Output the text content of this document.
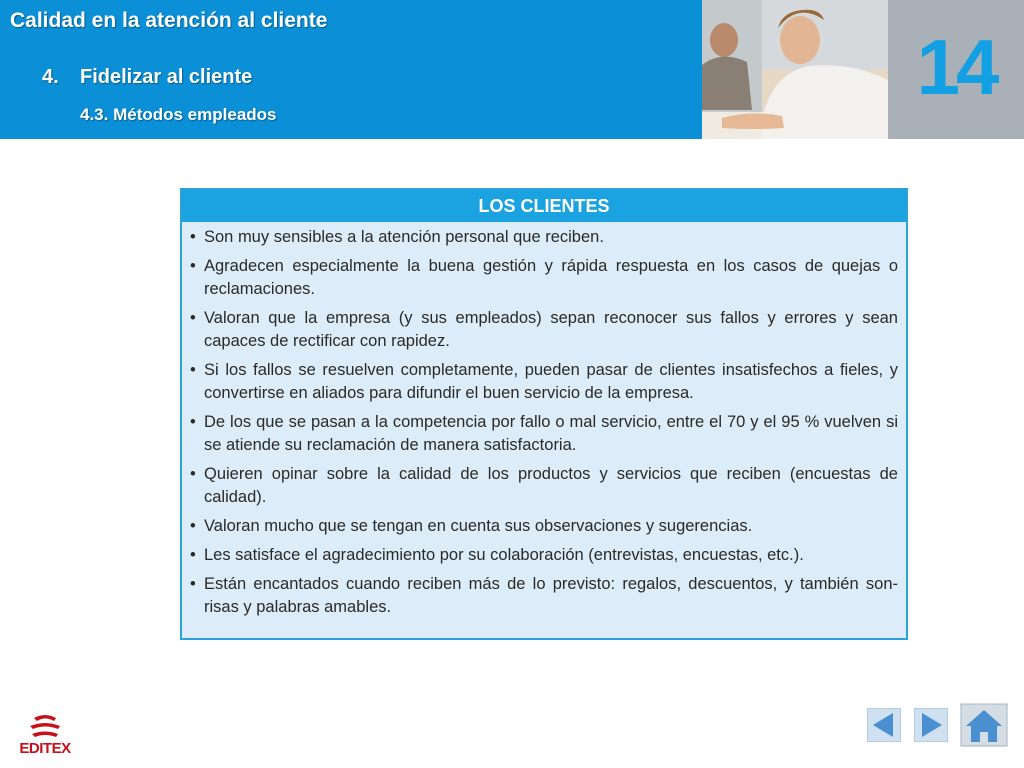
Calidad en la atención al cliente
4. Fidelizar al cliente
4.3. Métodos empleados
14
LOS CLIENTES
• Son muy sensibles a la atención personal que reciben.
• Agradecen especialmente la buena gestión y rápida respuesta en los casos de quejas o reclamaciones.
• Valoran que la empresa (y sus empleados) sepan reconocer sus fallos y errores y sean capaces de rectificar con rapidez.
• Si los fallos se resuelven completamente, pueden pasar de clientes insatisfechos a fieles, y convertirse en aliados para difundir el buen servicio de la empresa.
• De los que se pasan a la competencia por fallo o mal servicio, entre el 70 y el 95 % vuelven si se atiende su reclamación de manera satisfactoria.
• Quieren opinar sobre la calidad de los productos y servicios que reciben (encuestas de calidad).
• Valoran mucho que se tengan en cuenta sus observaciones y sugerencias.
• Les satisface el agradecimiento por su colaboración (entrevistas, encuestas, etc.).
• Están encantados cuando reciben más de lo previsto: regalos, descuentos, y también son-risas y palabras amables.
EDITEX
